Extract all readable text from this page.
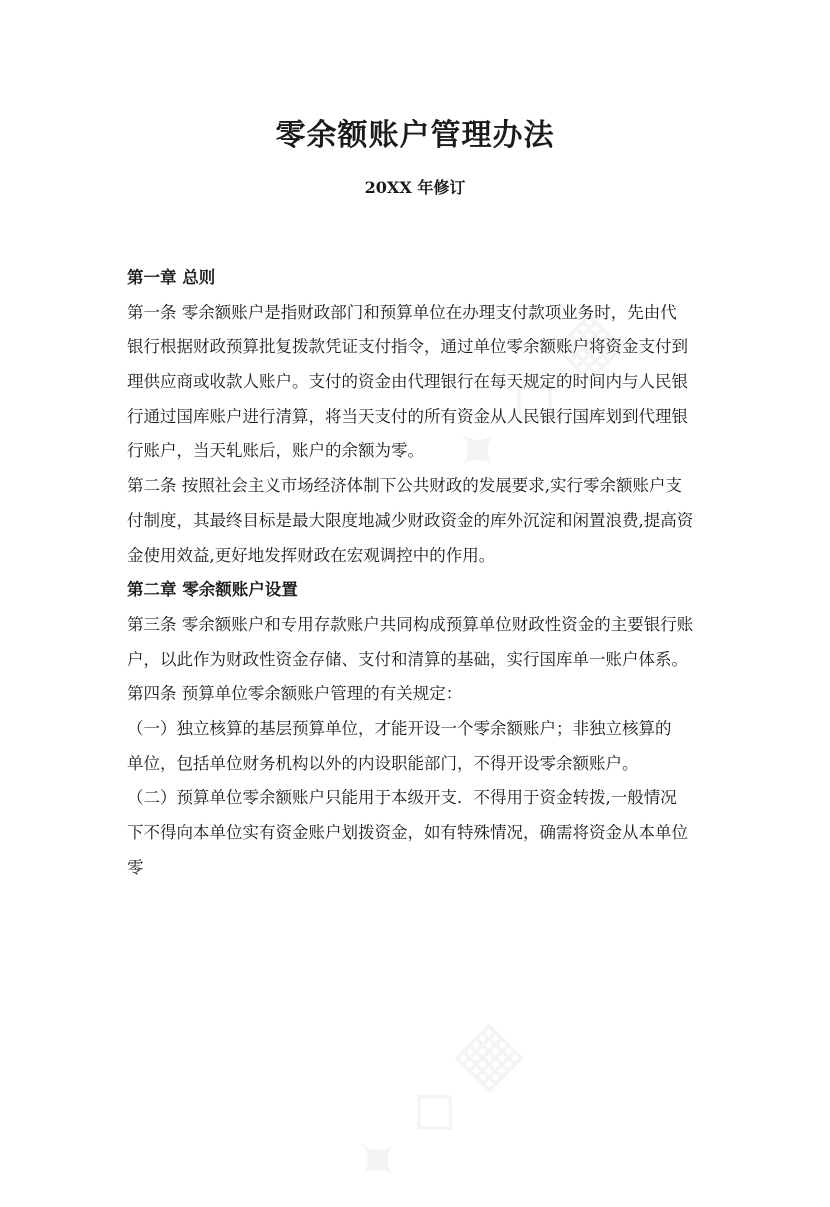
零余额账户管理办法
20XX 年修订
第一章 总则
第一条 零余额账户是指财政部门和预算单位在办理支付款项业务时，先由代
银行根据财政预算批复拨款凭证支付指令，通过单位零余额账户将资金支付到
理供应商或收款人账户。支付的资金由代理银行在每天规定的时间内与人民银
行通过国库账户进行清算，将当天支付的所有资金从人民银行国库划到代理银
行账户，当天轧账后，账户的余额为零。
第二条 按照社会主义市场经济体制下公共财政的发展要求,实行零余额账户支
付制度，其最终目标是最大限度地减少财政资金的库外沉淀和闲置浪费,提高资
金使用效益,更好地发挥财政在宏观调控中的作用。
第二章 零余额账户设置
第三条 零余额账户和专用存款账户共同构成预算单位财政性资金的主要银行账
户，以此作为财政性资金存储、支付和清算的基础，实行国库单一账户体系。
第四条 预算单位零余额账户管理的有关规定：
（一）独立核算的基层预算单位，才能开设一个零余额账户；非独立核算的
单位，包括单位财务机构以外的内设职能部门，不得开设零余额账户。
（二）预算单位零余额账户只能用于本级开支．不得用于资金转拨,一般情况
下不得向本单位实有资金账户划拨资金，如有特殊情况，确需将资金从本单位
零
